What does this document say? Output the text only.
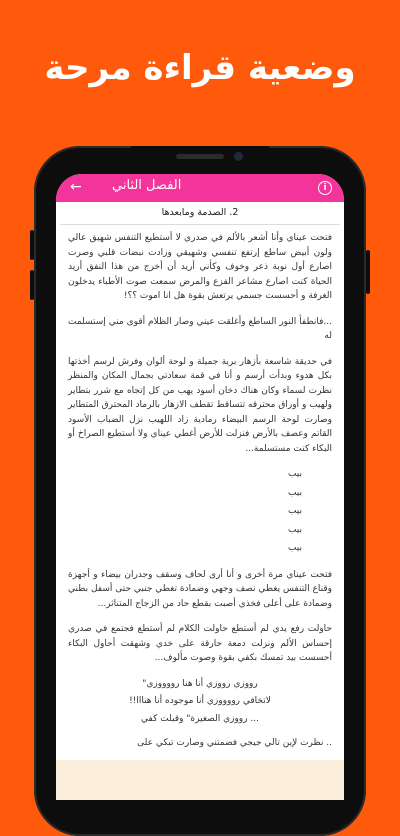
وضعية قراءة مرحة
← الفصل الثاني	i
2. الصدمة ومابعدها

فتحت عيناي وأنا أشعر بالألم في صدري لا أستطيع التنفس شهيق عالي ولون أبيض ساطع إرتفع تنفسي وشهيقي وزادت نبضات قلبي وصرت اصارع أول نوبة ذعر وخوف وكأني أريد أن أخرج من هذا النفق أريد الحياة كنت اصارع مشاعر الفزع والمرض سمعت صوت الأطباء يدخلون الغرفة و أحسست جسمي يرتعش بقوة هل انا اموت ؟؟!

...فانطفأ النور الساطع وأغلقت عيني وصار الظلام أقوى مني إستسلمت له

في حديقة شاسعة بأزهار برية جميلة و لوحة ألوان وفرش لرسم أخذتها بكل هدوء وبدأت أرسم و أنا في قمة سعادتي بجمال المكان والمنظر نظرت لسماء وكان هناك دخان أسود يهب من كل إتجاه مع شرر بتطاير ولهيب و أوراق محترقه تتساقط تقطف الازهار بالرماد المحترق المتطاير وصارت لوحة الرسم البيضاء رمادية زاد اللهيب نزل الضباب الأسود القاتم وعصف بالأرض فنزلت للأرض أغطي عيناي ولا أستطيع الصراخ أو البكاء كنت مستسلمة...

بيب
بيب
بيب
بيب
بيب

فتحت عيناي مرة أخرى و أنا أرى لحاف وسقف وجدران بيضاء و أجهزة وقناع التنفس يغطي نصف وجهي وضمادة تغطي جنبي حتى أسفل بطني وضمادة على أعلى فخذي أصبت بقطع حاد من الزجاج المتناثر...

حاولت رفع يدي لم أستطع حاولت الكلام لم أستطع فجتمع في صدري إحساس الألم ونزلت دمعة حارقة على خدي وشهقت أحاول البكاء أحسست بيد تمسك بكفي بقوة وصوت مألوف...

رووزي رووزي أنا هنا رووووزي"
لاتخافي رووووزي أنا موجوده أنا هنااا!!
... رووزي الصغيرة" وقبلت كفي

.. نظرت لإين تالي جيجي فضمتني وصارت تبكي على
